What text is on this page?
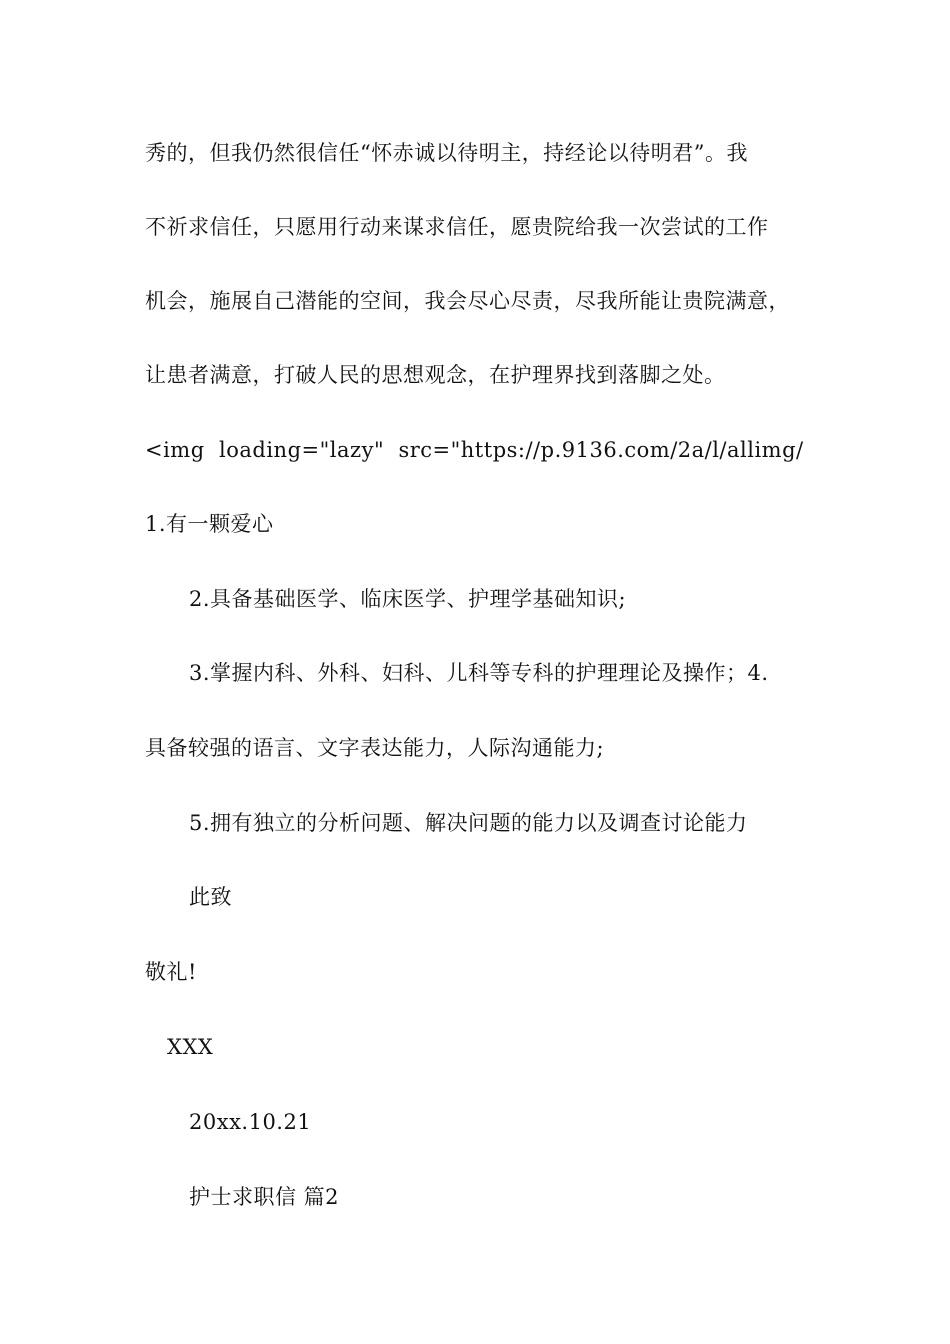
秀的，但我仍然很信任“怀赤诚以待明主，持经论以待明君”。我
不祈求信任，只愿用行动来谋求信任，愿贵院给我一次尝试的工作
机会，施展自己潜能的空间，我会尽心尽责，尽我所能让贵院满意，
让患者满意，打破人民的思想观念，在护理界找到落脚之处。
<img  loading="lazy"  src="https://p.9136.com/2a/l/allimg/
1.有一颗爱心
2.具备基础医学、临床医学、护理学基础知识;
3.掌握内科、外科、妇科、儿科等专科的护理理论及操作；4.
具备较强的语言、文字表达能力，人际沟通能力;
5.拥有独立的分析问题、解决问题的能力以及调查讨论能力
此致
敬礼!
XXX
20xx.10.21
护士求职信 篇2
